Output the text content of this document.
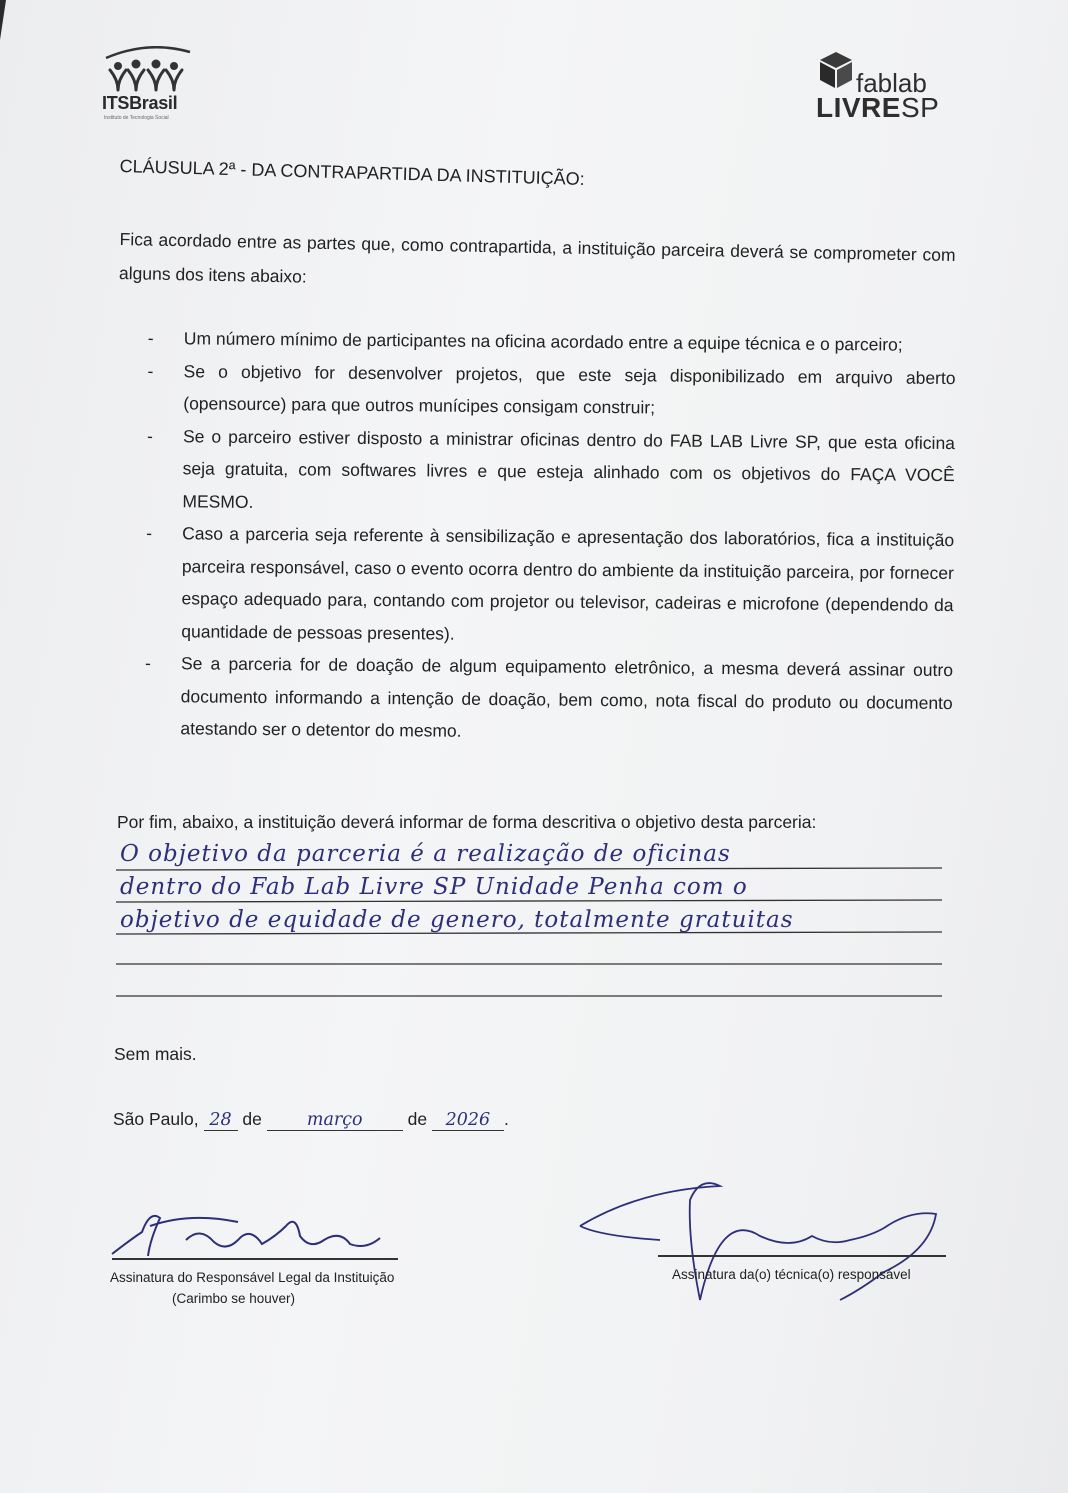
ITSBrasil
Instituto de Tecnologia Social
fablab
LIVRESP
CLÁUSULA 2ª - DA CONTRAPARTIDA DA INSTITUIÇÃO:
Fica acordado entre as partes que, como contrapartida, a instituição parceira deverá se comprometer com alguns dos itens abaixo:
- Um número mínimo de participantes na oficina acordado entre a equipe técnica e o parceiro;
- Se o objetivo for desenvolver projetos, que este seja disponibilizado em arquivo aberto (opensource) para que outros munícipes consigam construir;
- Se o parceiro estiver disposto a ministrar oficinas dentro do FAB LAB Livre SP, que esta oficina seja gratuita, com softwares livres e que esteja alinhado com os objetivos do FAÇA VOCÊ MESMO.
- Caso a parceria seja referente à sensibilização e apresentação dos laboratórios, fica a instituição parceira responsável, caso o evento ocorra dentro do ambiente da instituição parceira, por fornecer espaço adequado para, contando com projetor ou televisor, cadeiras e microfone (dependendo da quantidade de pessoas presentes).
- Se a parceria for de doação de algum equipamento eletrônico, a mesma deverá assinar outro documento informando a intenção de doação, bem como, nota fiscal do produto ou documento atestando ser o detentor do mesmo.
Por fim, abaixo, a instituição deverá informar de forma descritiva o objetivo desta parceria:
O objetivo da parceria é a realização de oficinas
dentro do Fab Lab Livre SP Unidade Penha com o
objetivo de equidade de genero, totalmente gratuitas
Sem mais.
São Paulo, 28 de	março	de 2026 .
Assinatura do Responsável Legal da Instituição
(Carimbo se houver)
Assinatura da(o) técnica(o) responsável
